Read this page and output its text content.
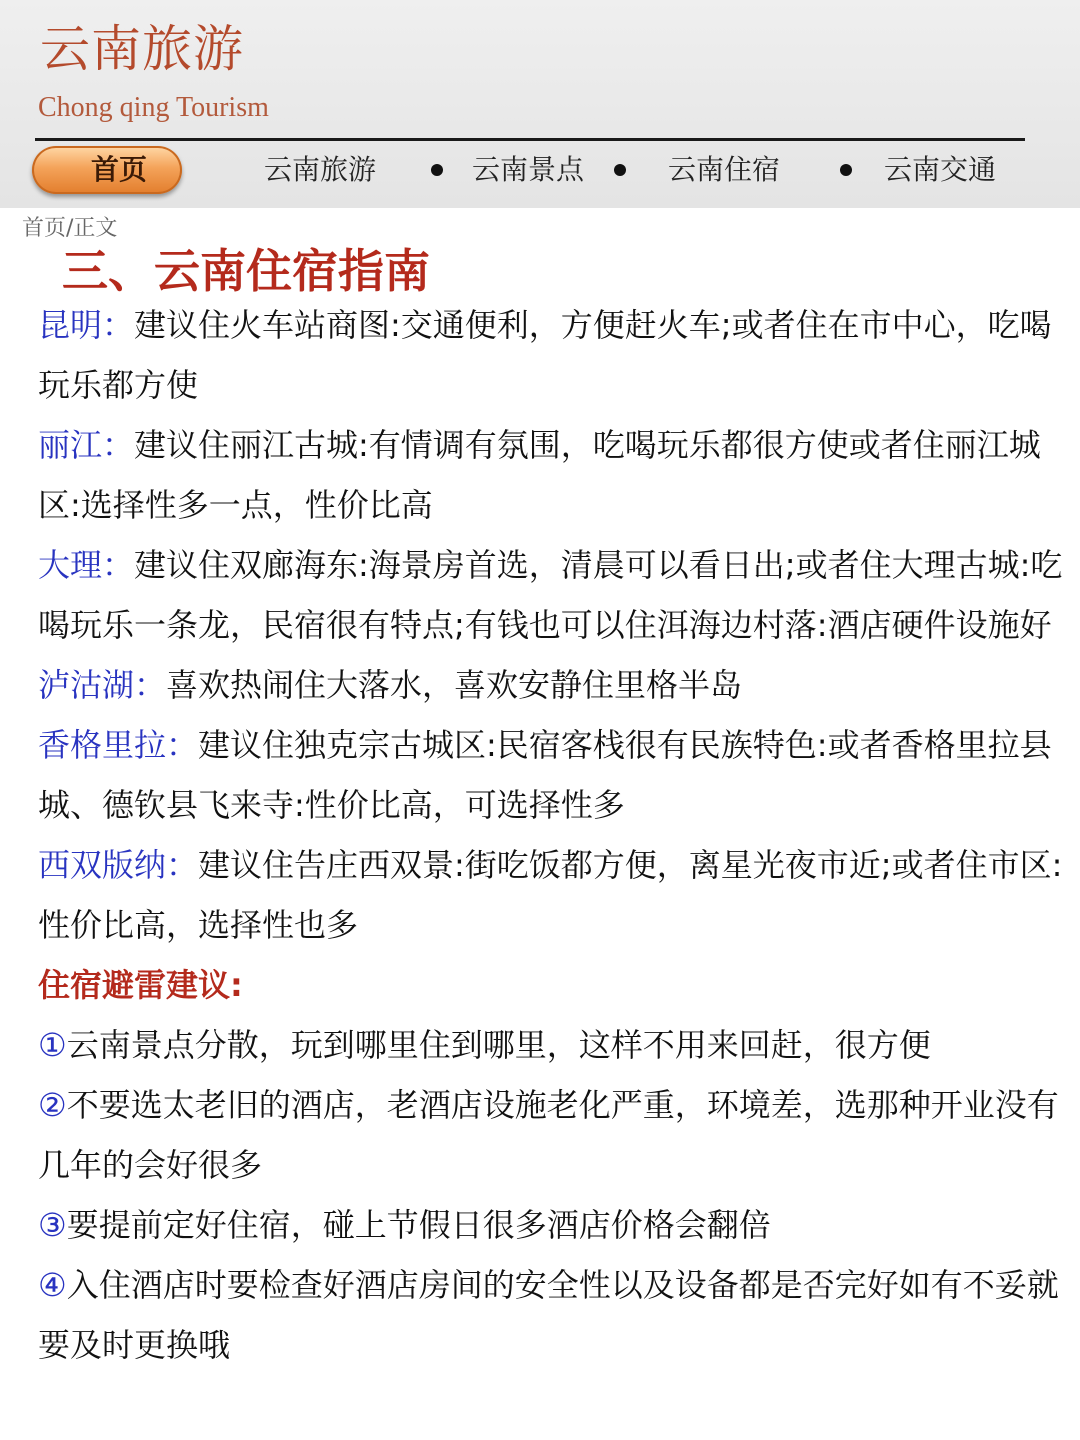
云南旅游
Chong qing Tourism
首页	云南旅游	云南景点	云南住宿	云南交通
首页/正文
三、云南住宿指南

昆明：建议住火车站商图:交通便利，方便赶火车;或者住在市中心，吃喝玩乐都方使

丽江：建议住丽江古城:有情调有氛围，吃喝玩乐都很方使或者住丽江城区:选择性多一点，性价比高

大理：建议住双廊海东:海景房首选，清晨可以看日出;或者住大理古城:吃喝玩乐一条龙，民宿很有特点;有钱也可以住洱海边村落:酒店硬件设施好

泸沽湖：喜欢热闹住大落水，喜欢安静住里格半岛

香格里拉：建议住独克宗古城区:民宿客栈很有民族特色:或者香格里拉县城、德钦县飞来寺:性价比高，可选择性多

西双版纳：建议住告庄西双景:街吃饭都方便，离星光夜市近;或者住市区:性价比高，选择性也多

住宿避雷建议:

①云南景点分散，玩到哪里住到哪里，这样不用来回赶，很方便

②不要选太老旧的酒店，老酒店设施老化严重，环境差，选那种开业没有几年的会好很多

③要提前定好住宿，碰上节假日很多酒店价格会翻倍

④入住酒店时要检查好酒店房间的安全性以及设备都是否完好如有不妥就要及时更换哦
